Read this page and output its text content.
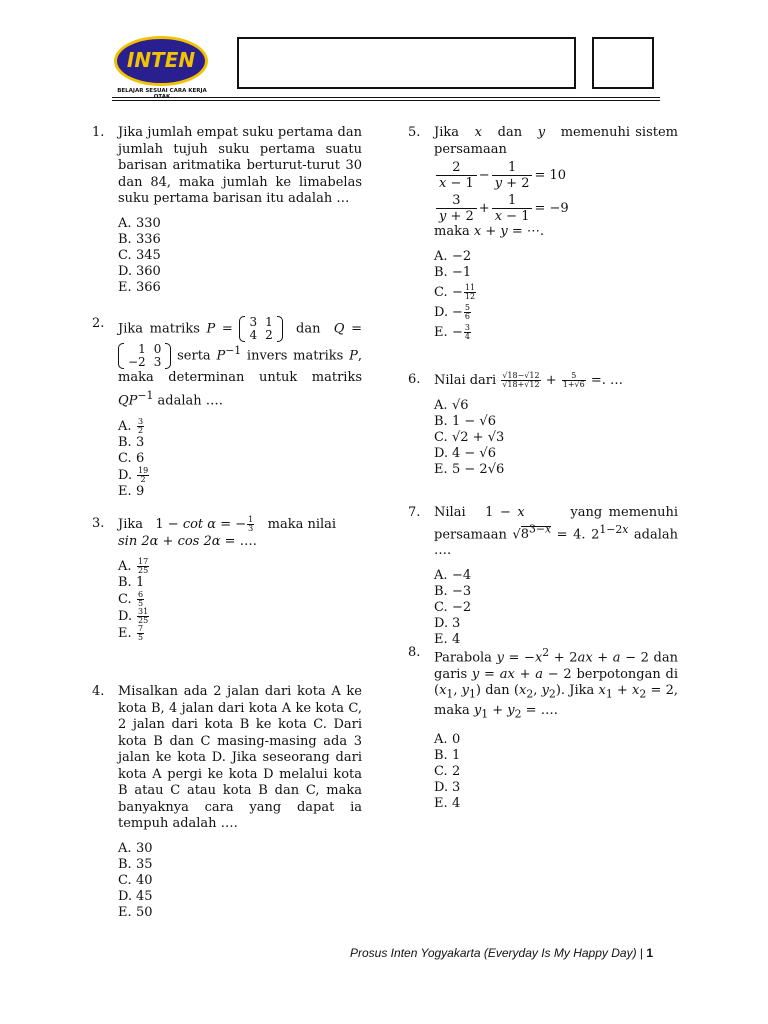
INTEN
BELAJAR SESUAI CARA KERJA OTAK
1. Jika jumlah empat suku pertama dan jumlah tujuh suku pertama suatu barisan aritmatika berturut-turut 30 dan 84, maka jumlah ke limabelas suku pertama barisan itu adalah …
A. 330
B. 336
C. 345
D. 360
E. 366
2. Jika matriks P = 3	1
4	2 dan Q =
1	0
−2	3 serta $P^{-1}$ invers matriks P, maka determinan untuk matriks $QP^{-1}$ adalah ….
A. $\frac{3}{2}$
B. 3
C. 6
D. $\frac{19}{2}$
E. 9
3. Jika   1 − cot α = − $\frac{1}{3}$ maka nilai
sin 2α + cos 2α = ….
A. $\frac{17}{25}$
B. 1
C. $\frac{6}{5}$
D. $\frac{31}{25}$
E. $\frac{7}{5}$
4. Misalkan ada 2 jalan dari kota A ke kota B, 4 jalan dari kota A ke kota C, 2 jalan dari kota B ke kota C. Dari kota B dan C masing-masing ada 3 jalan ke kota D. Jika seseorang dari kota A pergi ke kota D melalui kota B atau C atau kota B dan C, maka banyaknya cara yang dapat ia tempuh adalah ….
A. 30
B. 35
C. 40
D. 45
E. 50
5. Jika x dan y memenuhi sistem persamaan
$\frac{2}{x - 1} - \frac{1}{y + 2} = 10$
$\frac{3}{y + 2} + \frac{1}{x - 1} = -9$
maka x + y = ⋯.
A. −2
B. −1
C. − $\frac{11}{12}$
D. − $\frac{5}{6}$
E. − $\frac{3}{4}$
6. Nilai dari $\frac{√18-√12}{√18+√12} + \frac{5}{1+√6}$ =. …
A. √6
B. 1 − √6
C. √2 + √3
D. 4 − √6
E. 5 − 2√6
7. Nilai   1 − x	yang memenuhi persamaan $√8^{3-x} = 4$. $2^{1-2x}$ adalah ….
A. −4
B. −3
C. −2
D. 3
E. 4
8. Parabola $y = -x^2 + 2ax + a - 2$ dan garis y = ax + a − 2 berpotongan di ($x_1$, $y_1$) dan ($x_2$, $y_2$). Jika $x_1 + x_2 = 2$, maka $y_1 + y_2$ = ….
A. 0
B. 1
C. 2
D. 3
E. 4
Prosus Inten Yogyakarta (Everyday Is My Happy Day) | 1
